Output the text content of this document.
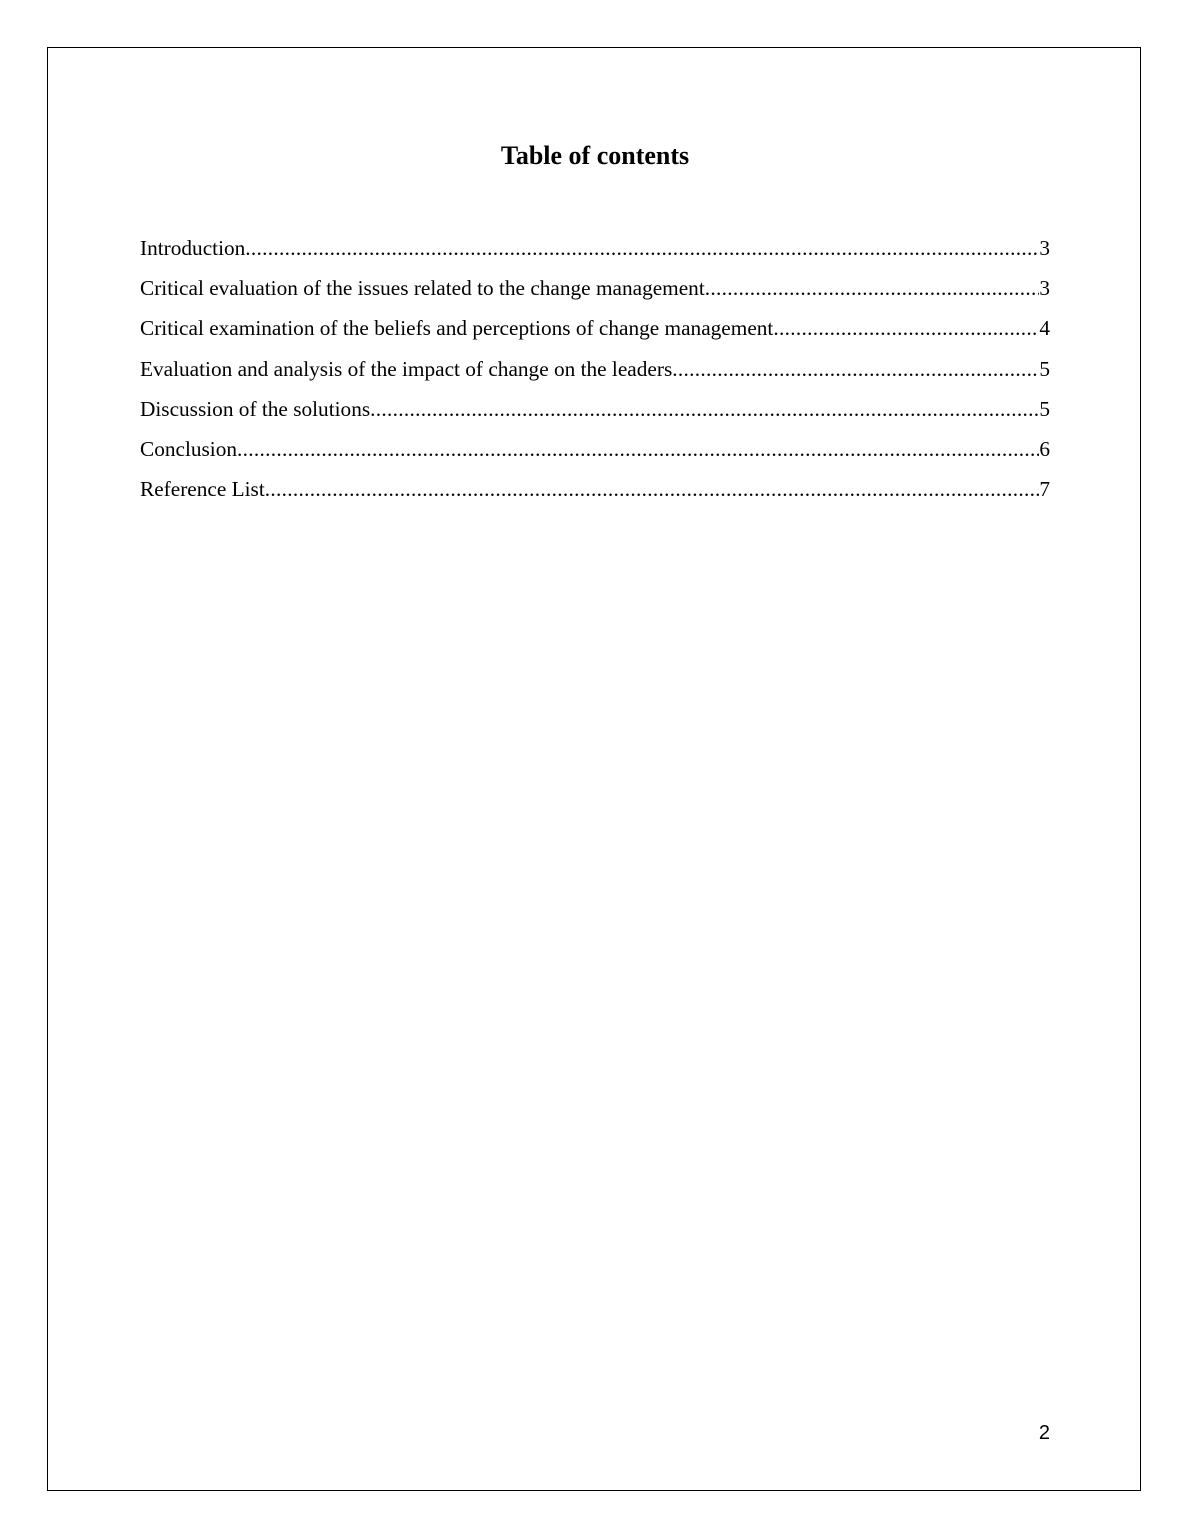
Table of contents
Introduction .....	3
Critical evaluation of the issues related to the change management .....	3
Critical examination of the beliefs and perceptions of change management .....	4
Evaluation and analysis of the impact of change on the leaders .....	5
Discussion of the solutions .....	5
Conclusion .....	6
Reference List .....	7
2
